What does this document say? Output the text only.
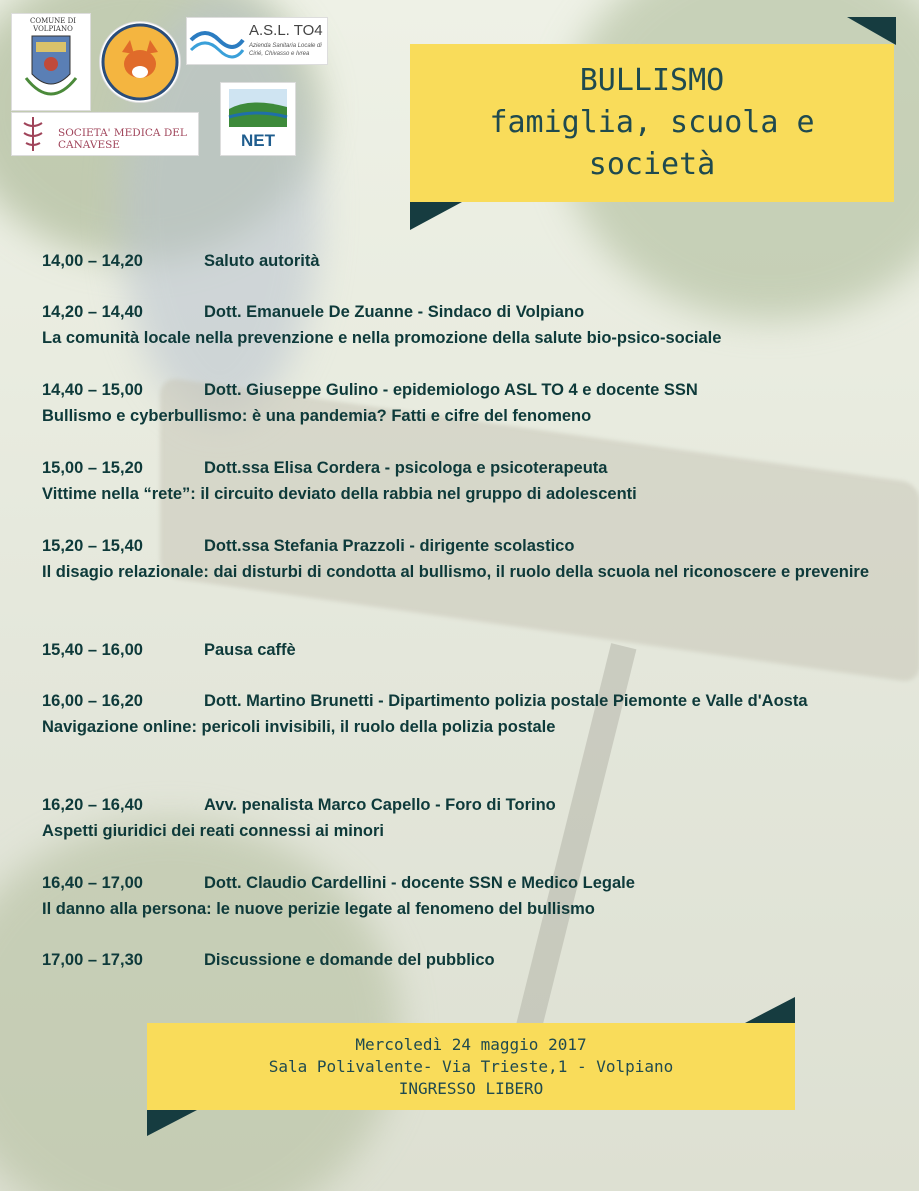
COMUNE DI VOLPIANO	A.S.L. TO4
Azienda Sanitaria Locale di Cirié, Chivasso e Ivrea
SOCIETA' MEDICA DEL CANAVESE	NET
BULLISMO
famiglia, scuola e
società
14,00 – 14,20	Saluto autorità
14,20 – 14,40	Dott. Emanuele De Zuanne - Sindaco di Volpiano
La comunità locale nella prevenzione e nella promozione della salute bio-psico-sociale
14,40 – 15,00	Dott. Giuseppe Gulino - epidemiologo ASL TO 4 e docente SSN
Bullismo e cyberbullismo: è una pandemia? Fatti e cifre del fenomeno
15,00 – 15,20	Dott.ssa Elisa Cordera - psicologa e psicoterapeuta
Vittime nella “rete”: il circuito deviato della rabbia nel gruppo di adolescenti
15,20 – 15,40	Dott.ssa Stefania Prazzoli - dirigente scolastico
Il disagio relazionale: dai disturbi di condotta al bullismo, il ruolo della scuola nel riconoscere e prevenire
15,40 – 16,00	Pausa caffè
16,00 – 16,20	Dott. Martino Brunetti - Dipartimento polizia postale Piemonte e Valle d'Aosta
Navigazione online: pericoli invisibili, il ruolo della polizia postale
16,20 – 16,40	Avv. penalista Marco Capello - Foro di Torino
Aspetti giuridici dei reati connessi ai minori
16,40 – 17,00	Dott. Claudio Cardellini - docente SSN e Medico Legale
Il danno alla persona: le nuove perizie legate al fenomeno del bullismo
17,00 – 17,30	Discussione e domande del pubblico
Mercoledì 24 maggio 2017
Sala Polivalente- Via Trieste,1 - Volpiano
INGRESSO LIBERO
